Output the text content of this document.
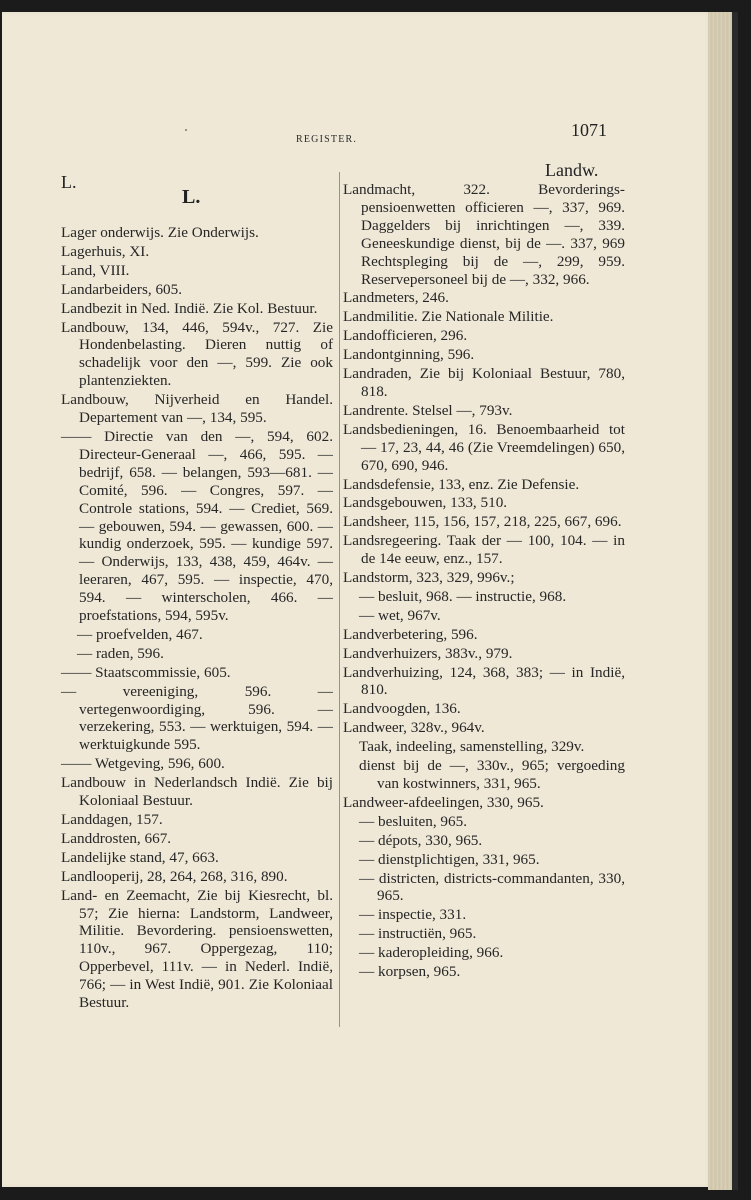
REGISTER.	1071
L.
L.
Landw.
Lager onderwijs. Zie Onderwijs.
Lagerhuis, XI.
Land, VIII.
Landarbeiders, 605.
Landbezit in Ned. Indië. Zie Kol. Bestuur.
Landbouw, 134, 446, 594v., 727. Zie Hondenbelasting. Dieren nuttig of schadelijk voor den —, 599. Zie ook plantenziekten.
Landbouw, Nijverheid en Handel. Departement van —, 134, 595.
—— Directie van den —, 594, 602. Directeur-Generaal —, 466, 595. — bedrijf, 658. — belangen, 593—681. — Comité, 596. — Congres, 597. — Controle stations, 594. — Crediet, 569. — gebouwen, 594. — gewassen, 600. — kundig onderzoek, 595. — kundige 597. — Onderwijs, 133, 438, 459, 464v. — leeraren, 467, 595. — inspectie, 470, 594. — winterscholen, 466. — proefstations, 594, 595v.
— proefvelden, 467.
— raden, 596.
—— Staatscommissie, 605.
— vereeniging, 596. — vertegenwoordiging, 596. — verzekering, 553. — werktuigen, 594. — werktuigkunde 595.
—— Wetgeving, 596, 600.
Landbouw in Nederlandsch Indië. Zie bij Koloniaal Bestuur.
Landdagen, 157.
Landdrosten, 667.
Landelijke stand, 47, 663.
Landlooperij, 28, 264, 268, 316, 890.
Land- en Zeemacht, Zie bij Kiesrecht, bl. 57; Zie hierna: Landstorm, Landweer, Militie. Bevordering. pensioenswetten, 110v., 967. Oppergezag, 110; Opperbevel, 111v. — in Nederl. Indië, 766; — in West Indië, 901. Zie Koloniaal Bestuur.
Landmacht, 322. Bevorderings-pensioenwetten officieren —, 337, 969. Daggelders bij inrichtingen —, 339. Geneeskundige dienst, bij de —. 337, 969 Rechtspleging bij de —, 299, 959. Reservepersoneel bij de —, 332, 966.
Landmeters, 246.
Landmilitie. Zie Nationale Militie.
Landofficieren, 296.
Landontginning, 596.
Landraden, Zie bij Koloniaal Bestuur, 780, 818.
Landrente. Stelsel —, 793v.
Landsbedieningen, 16. Benoembaarheid tot — 17, 23, 44, 46 (Zie Vreemdelingen) 650, 670, 690, 946.
Landsdefensie, 133, enz. Zie Defensie.
Landsgebouwen, 133, 510.
Landsheer, 115, 156, 157, 218, 225, 667, 696.
Landsregeering. Taak der — 100, 104. — in de 14e eeuw, enz., 157.
Landstorm, 323, 329, 996v.;
— besluit, 968. — instructie, 968.
— wet, 967v.
Landverbetering, 596.
Landverhuizers, 383v., 979.
Landverhuizing, 124, 368, 383; — in Indië, 810.
Landvoogden, 136.
Landweer, 328v., 964v.
Taak, indeeling, samenstelling, 329v.
dienst bij de —, 330v., 965; vergoeding van kostwinners, 331, 965.
Landweer-afdeelingen, 330, 965.
— besluiten, 965.
— dépots, 330, 965.
— dienstplichtigen, 331, 965.
— districten, districts-commandanten, 330, 965.
— inspectie, 331.
— instructiën, 965.
— kaderopleiding, 966.
— korpsen, 965.
